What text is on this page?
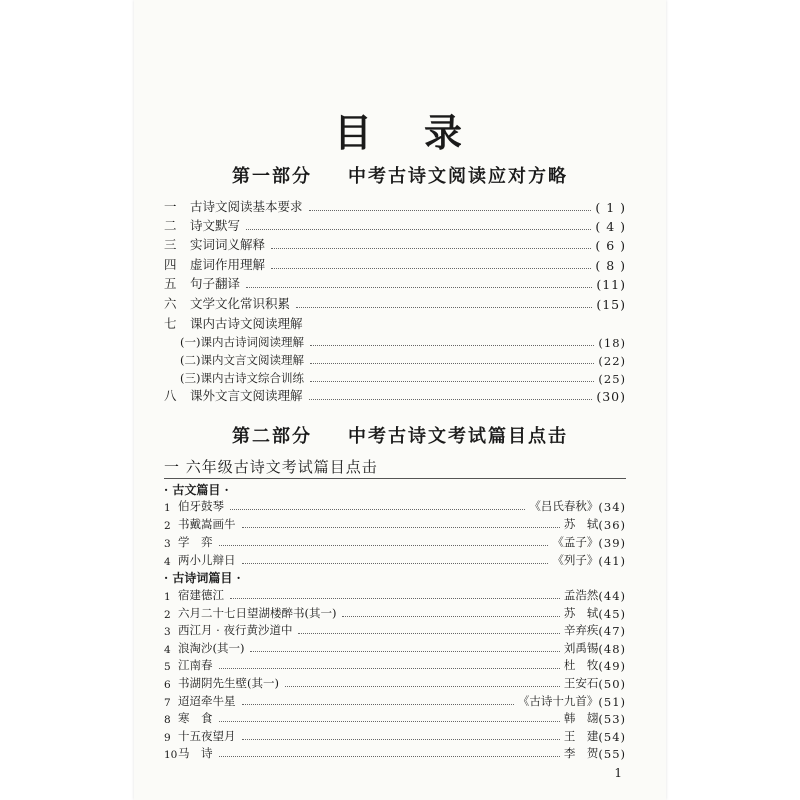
目 录
第一部分 中考古诗文阅读应对方略
一	古诗文阅读基本要求	( 1 )
二	诗文默写	( 4 )
三	实词词义解释	( 6 )
四	虚词作用理解	( 8 )
五	句子翻译	(11)
六	文学文化常识积累	(15)
七	课内古诗文阅读理解
(一)课内古诗词阅读理解	(18)
(二)课内文言文阅读理解	(22)
(三)课内古诗文综合训练	(25)
八	课外文言文阅读理解	(30)
第二部分 中考古诗文考试篇目点击
一 六年级古诗文考试篇目点击
· 古文篇目 ·
1 伯牙鼓琴	《吕氏春秋》 (34)
2 书戴嵩画牛	苏　轼 (36)
3 学　弈	《孟子》 (39)
4 两小儿辩日	《列子》 (41)
· 古诗词篇目 ·
1 宿建德江	孟浩然 (44)
2 六月二十七日望湖楼醉书(其一)	苏　轼 (45)
3 西江月 · 夜行黄沙道中	辛弃疾 (47)
4 浪淘沙(其一)	刘禹锡 (48)
5 江南春	杜　牧 (49)
6 书湖阴先生壁(其一)	王安石 (50)
7 迢迢牵牛星	《古诗十九首》 (51)
8 寒　食	韩　翃 (53)
9 十五夜望月	王　建 (54)
10 马　诗	李　贺 (55)
1
